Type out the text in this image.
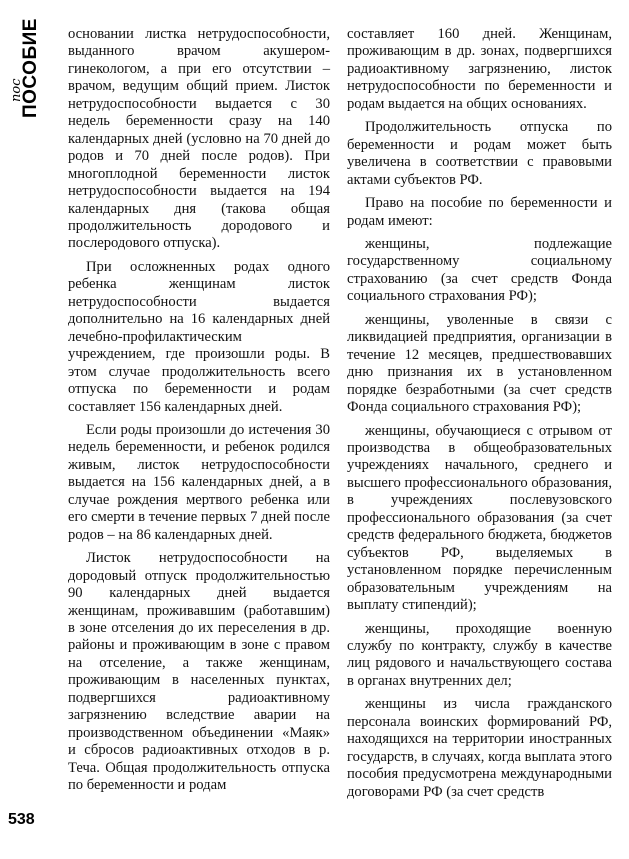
пос
ПОСОБИЕ
538

основании листка нетрудоспособности, выданного врачом акушером-гинекологом, а при его отсутствии – врачом, ведущим общий прием. Листок нетрудоспособности выдается с 30 недель беременности сразу на 140 календарных дней (условно на 70 дней до родов и 70 дней после родов). При многоплодной беременности листок нетрудоспособности выдается на 194 календарных дня (такова общая продолжительность дородового и послеродового отпуска).

При осложненных родах одного ребенка женщинам листок нетрудоспособности выдается дополнительно на 16 календарных дней лечебно-профилактическим учреждением, где произошли роды. В этом случае продолжительность всего отпуска по беременности и родам составляет 156 календарных дней.

Если роды произошли до истечения 30 недель беременности, и ребенок родился живым, листок нетрудоспособности выдается на 156 календарных дней, а в случае рождения мертвого ребенка или его смерти в течение первых 7 дней после родов – на 86 календарных дней.

Листок нетрудоспособности на дородовый отпуск продолжительностью 90 календарных дней выдается женщинам, проживавшим (работавшим) в зоне отселения до их переселения в др. районы и проживающим в зоне с правом на отселение, а также женщинам, проживающим в населенных пунктах, подвергшихся радиоактивному загрязнению вследствие аварии на производственном объединении «Маяк» и сбросов радиоактивных отходов в р. Теча. Общая продолжительность отпуска по беременности и родам

составляет 160 дней. Женщинам, проживающим в др. зонах, подвергшихся радиоактивному загрязнению, листок нетрудоспособности по беременности и родам выдается на общих основаниях.

Продолжительность отпуска по беременности и родам может быть увеличена в соответствии с правовыми актами субъектов РФ.

Право на пособие по беременности и родам имеют:

женщины, подлежащие государственному социальному страхованию (за счет средств Фонда социального страхования РФ);

женщины, уволенные в связи с ликвидацией предприятия, организации в течение 12 месяцев, предшествовавших дню признания их в установленном порядке безработными (за счет средств Фонда социального страхования РФ);

женщины, обучающиеся с отрывом от производства в общеобразовательных учреждениях начального, среднего и высшего профессионального образования, в учреждениях послевузовского профессионального образования (за счет средств федерального бюджета, бюджетов субъектов РФ, выделяемых в установленном порядке перечисленным образовательным учреждениям на выплату стипендий);

женщины, проходящие военную службу по контракту, службу в качестве лиц рядового и начальствующего состава в органах внутренних дел;

женщины из числа гражданского персонала воинских формирований РФ, находящихся на территории иностранных государств, в случаях, когда выплата этого пособия предусмотрена международными договорами РФ (за счет средств
